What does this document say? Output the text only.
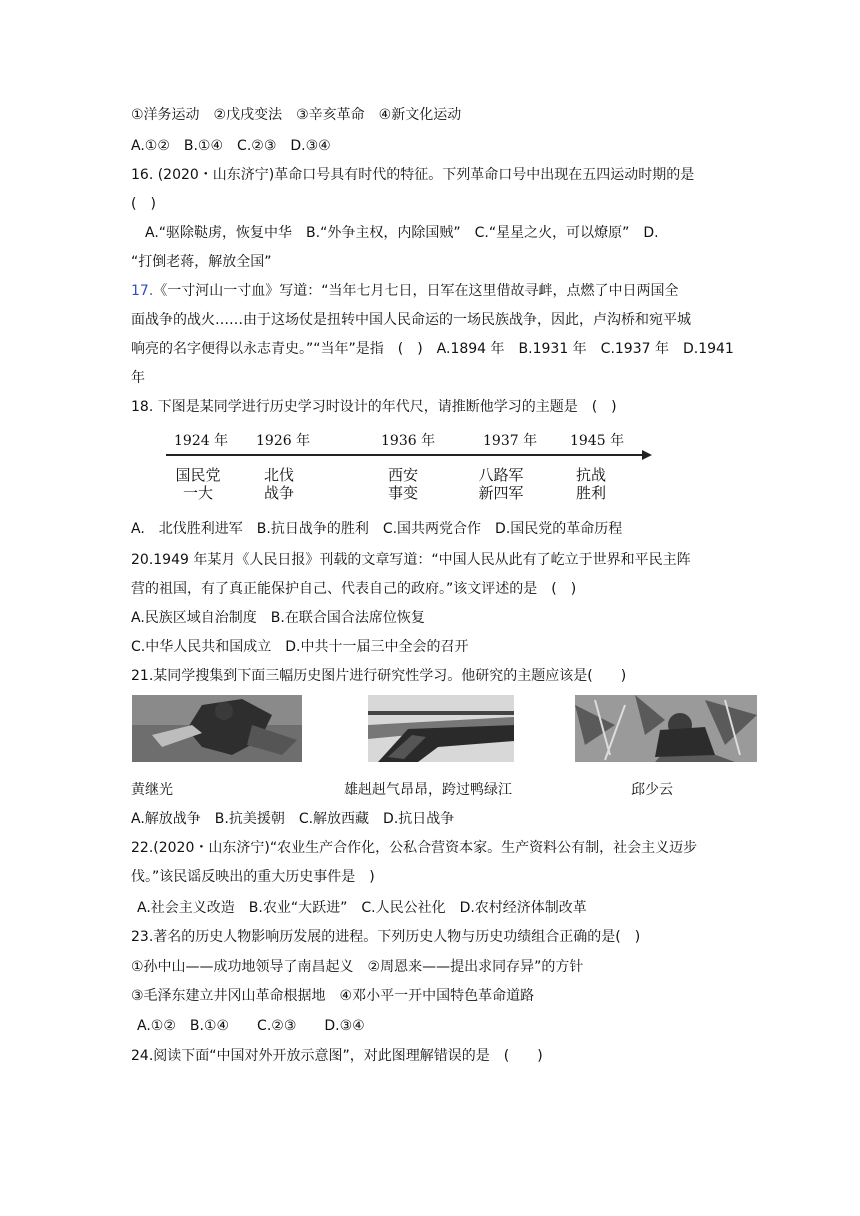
①洋务运动　②戊戌变法　③辛亥革命　④新文化运动
A.①②　B.①④　C.②③　D.③④
16. (2020・山东济宁)革命口号具有时代的特征。下列革命口号中出现在五四运动时期的是
(　)
A.“驱除鞑虏，恢复中华　B.“外争主权，内除国贼”　C.“星星之火，可以燎原”　D.
“打倒老蒋，解放全国”
17.《一寸河山一寸血》写道：“当年七月七日，日军在这里借故寻衅，点燃了中日两国全
面战争的战火……由于这场仗是扭转中国人民命运的一场民族战争，因此，卢沟桥和宛平城
响亮的名字便得以永志青史。”“当年”是指　(　)　A.1894 年　B.1931 年　C.1937 年　D.1941
年
18. 下图是某同学进行历史学习时设计的年代尺，请推断他学习的主题是　(　)
1924 年 1926 年	1936 年	1937 年 1945 年
国民党
一大
北伐
战争
西安
事变
八路军
新四军
抗战
胜利
A.　北伐胜利进军　B.抗日战争的胜利　C.国共两党合作　D.国民党的革命历程
20.1949 年某月《人民日报》刊载的文章写道：“中国人民从此有了屹立于世界和平民主阵
营的祖国，有了真正能保护自己、代表自己的政府。”该文评述的是　(　)
A.民族区域自治制度　B.在联合国合法席位恢复
C.中华人民共和国成立　D.中共十一届三中全会的召开
21.某同学搜集到下面三幅历史图片进行研究性学习。他研究的主题应该是(　　)
黄继光	雄赳赳气昂昂，跨过鸭绿江	邱少云
A.解放战争　B.抗美援朝　C.解放西藏　D.抗日战争
22.(2020・山东济宁)“农业生产合作化，公私合营资本家。生产资料公有制，社会主义迈步
伐。”该民谣反映出的重大历史事件是　)
A.社会主义改造　B.农业“大跃进”　C.人民公社化　D.农村经济体制改革
23.著名的历史人物影响历发展的进程。下列历史人物与历史功绩组合正确的是(　)
①孙中山——成功地领导了南昌起义　②周恩来——提出求同存异”的方针
③毛泽东建立井冈山革命根据地　④邓小平一开中国特色革命道路
A.①②　B.①④　　C.②③　　D.③④
24.阅读下面“中国对外开放示意图”，对此图理解错误的是　(　　)
